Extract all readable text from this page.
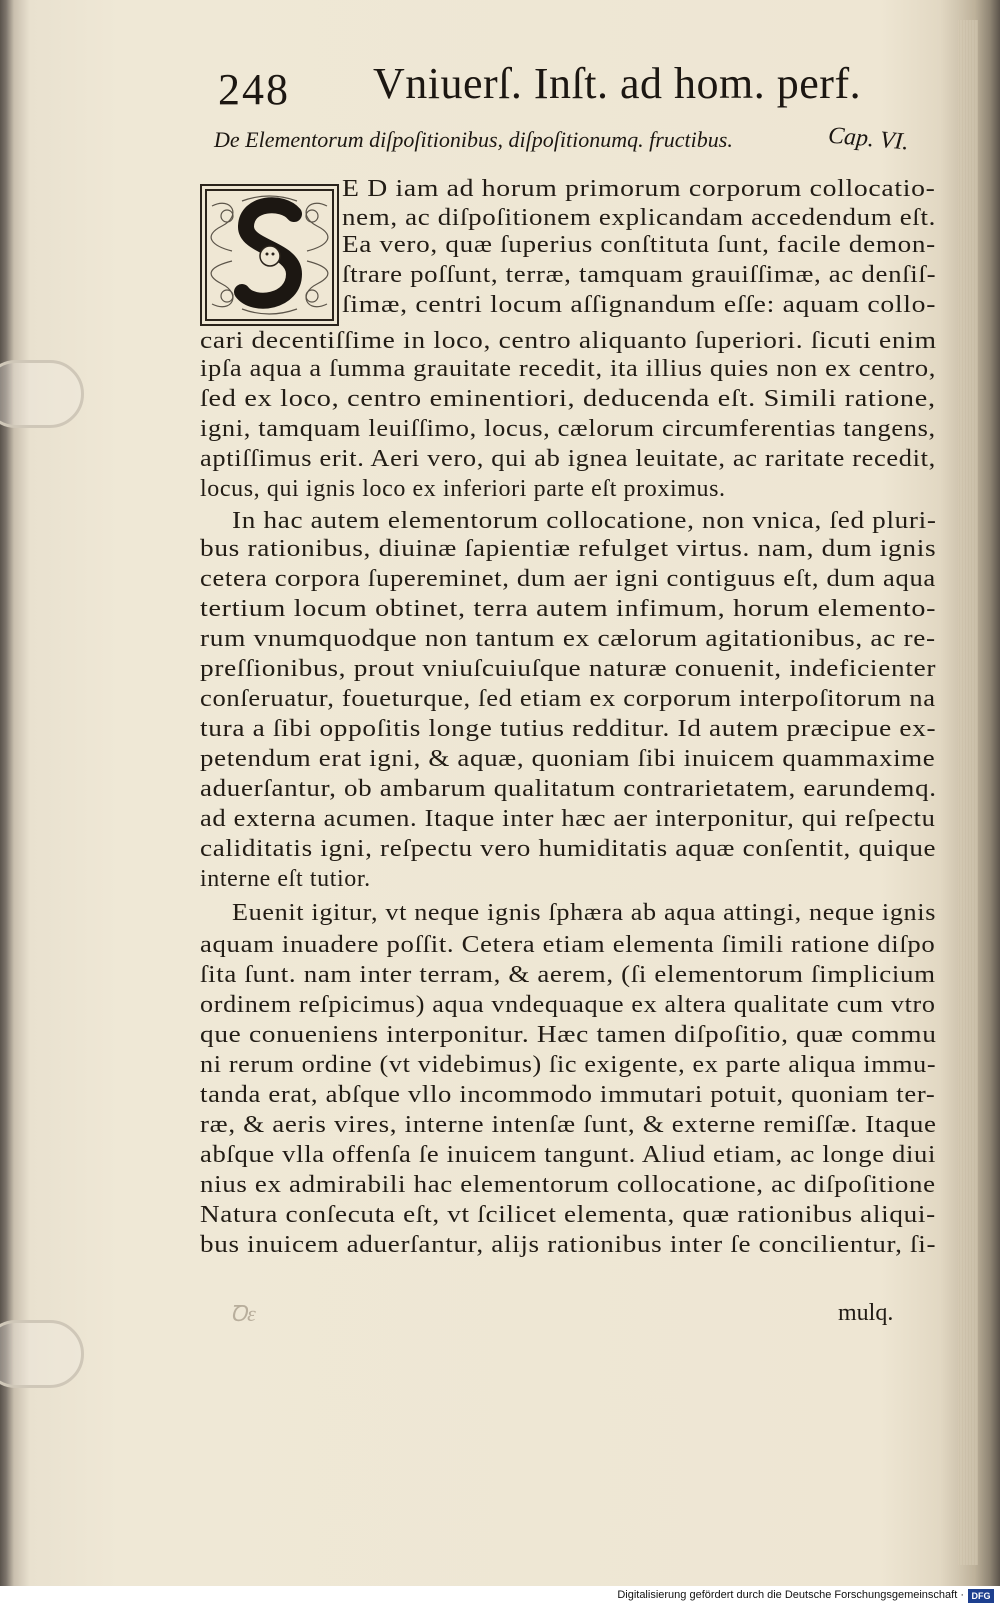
248 Vniuerſ. Inſt. ad hom. perf.
De Elementorum diſpoſitionibus, diſpoſitionumq. fructibus.	Cap. VI.

E D iam ad horum primorum corporum collocatio-

nem, ac diſpoſitionem explicandam accedendum eſt.

Ea vero, quæ ſuperius conſtituta ſunt, facile demon-

ſtrare poſſunt, terræ, tamquam grauiſſimæ, ac denſiſ-

ſimæ, centri locum aſſignandum eſſe: aquam collo-

cari decentiſſime in loco, centro aliquanto ſuperiori. ſicuti enim

ipſa aqua a ſumma grauitate recedit, ita illius quies non ex centro,

ſed ex loco, centro eminentiori, deducenda eſt. Simili ratione,

igni, tamquam leuiſſimo, locus, cælorum circumferentias tangens,

aptiſſimus erit. Aeri vero, qui ab ignea leuitate, ac raritate recedit,

locus, qui ignis loco ex inferiori parte eſt proximus.

In hac autem elementorum collocatione, non vnica, ſed pluri-

bus rationibus, diuinæ ſapientiæ refulget virtus. nam, dum ignis

cetera corpora ſupereminet, dum aer igni contiguus eſt, dum aqua

tertium locum obtinet, terra autem infimum, horum elemento-

rum vnumquodque non tantum ex cælorum agitationibus, ac re-

preſſionibus, prout vniuſcuiuſque naturæ conuenit, indeficienter

conſeruatur, foueturque, ſed etiam ex corporum interpoſitorum na

tura a ſibi oppoſitis longe tutius redditur. Id autem præcipue ex-

petendum erat igni, & aquæ, quoniam ſibi inuicem quammaxime

aduerſantur, ob ambarum qualitatum contrarietatem, earundemq.

ad externa acumen. Itaque inter hæc aer interponitur, qui reſpectu

caliditatis igni, reſpectu vero humiditatis aquæ conſentit, quique

interne eſt tutior.

Euenit igitur, vt neque ignis ſphæra ab aqua attingi, neque ignis

aquam inuadere poſſit. Cetera etiam elementa ſimili ratione diſpo

ſita ſunt. nam inter terram, & aerem, (ſi elementorum ſimplicium

ordinem reſpicimus) aqua vndequaque ex altera qualitate cum vtro

que conueniens interponitur. Hæc tamen diſpoſitio, quæ commu

ni rerum ordine (vt videbimus) ſic exigente, ex parte aliqua immu-

tanda erat, abſque vllo incommodo immutari potuit, quoniam ter-

ræ, & aeris vires, interne intenſæ ſunt, & externe remiſſæ. Itaque

abſque vlla offenſa ſe inuicem tangunt. Aliud etiam, ac longe diui

nius ex admirabili hac elementorum collocatione, ac diſpoſitione

Natura conſecuta eſt, vt ſcilicet elementa, quæ rationibus aliqui-

bus inuicem aduerſantur, alijs rationibus inter ſe concilientur, ſi-

Ꝺε	mulq.
Digitalisierung gefördert durch die Deutsche Forschungsgemeinschaft · DFG
